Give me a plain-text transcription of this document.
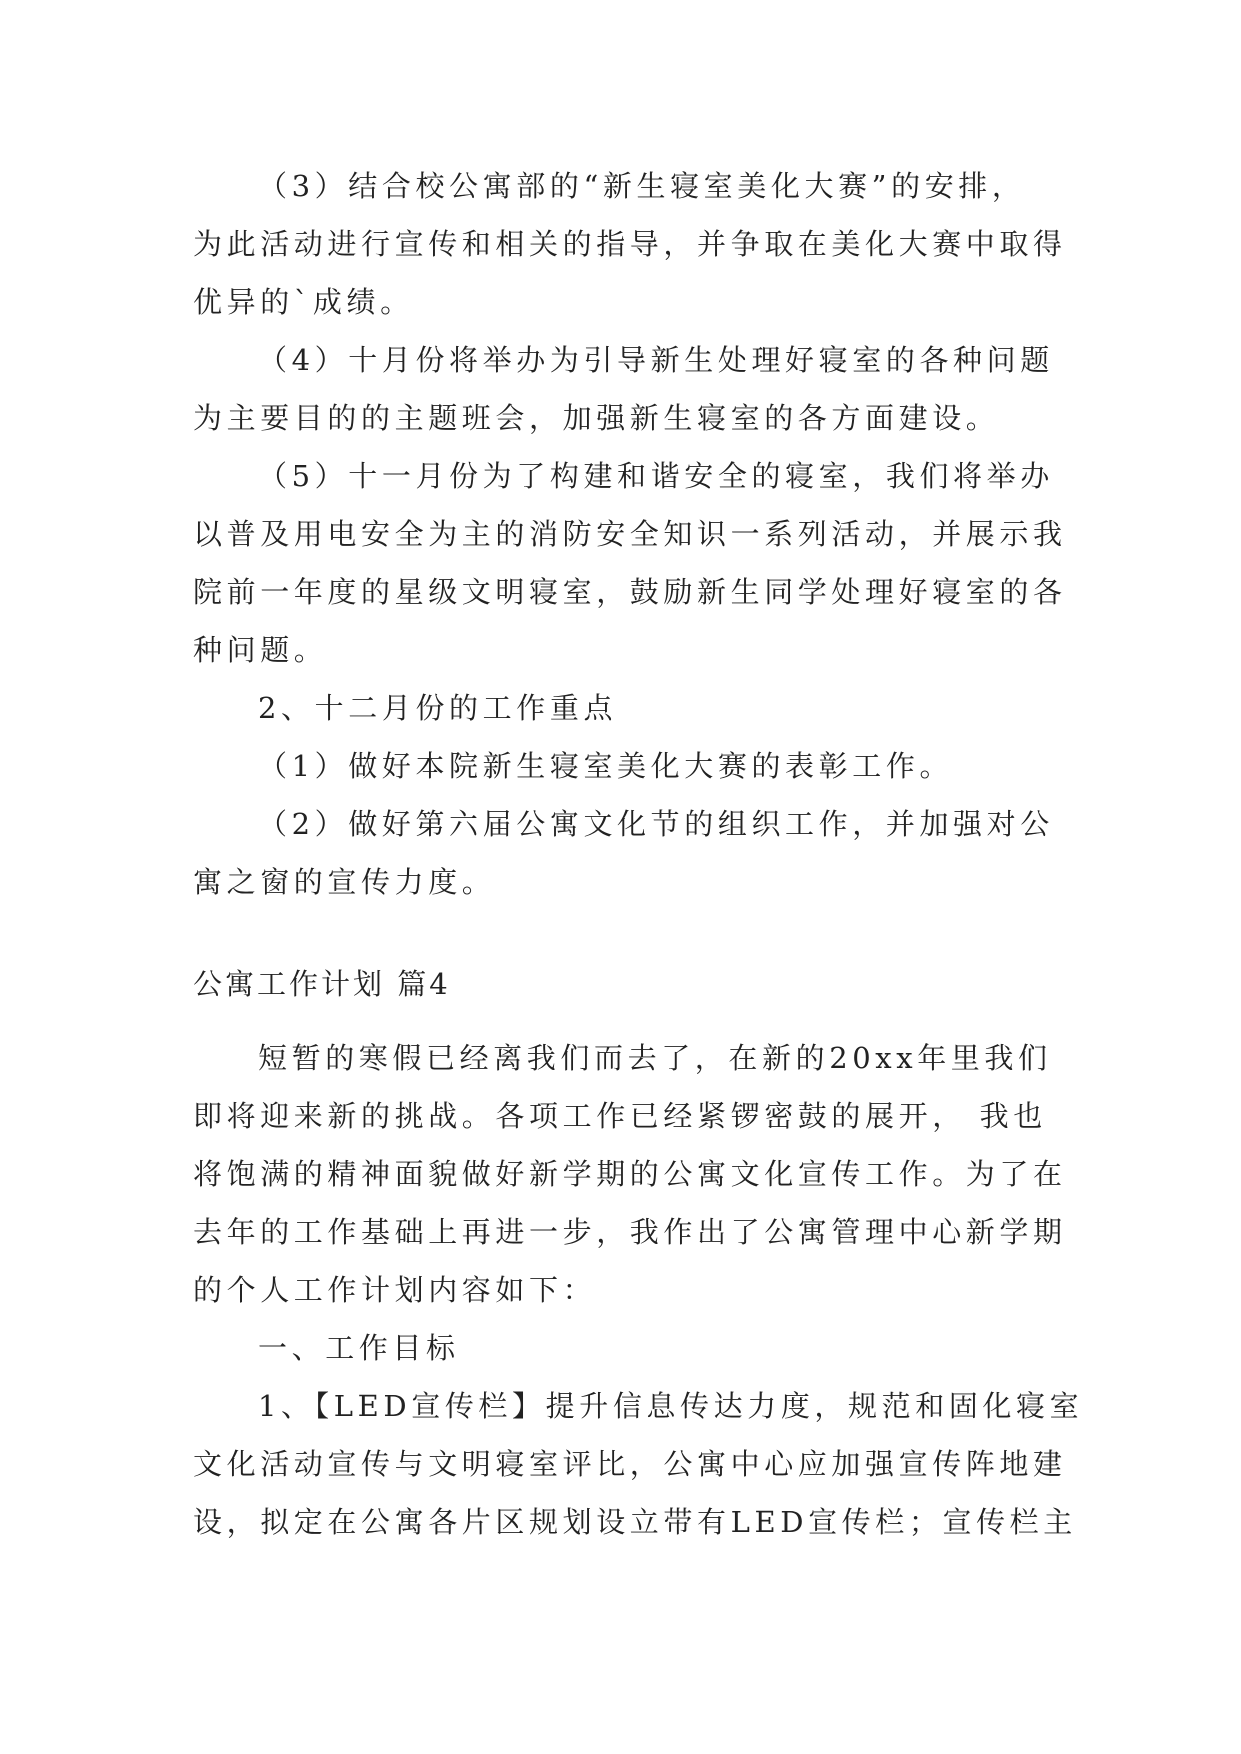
（3）结合校公寓部的“新生寝室美化大赛”的安排，
为此活动进行宣传和相关的指导，并争取在美化大赛中取得
优异的`成绩。
（4）十月份将举办为引导新生处理好寝室的各种问题
为主要目的的主题班会，加强新生寝室的各方面建设。
（5）十一月份为了构建和谐安全的寝室，我们将举办
以普及用电安全为主的消防安全知识一系列活动，并展示我
院前一年度的星级文明寝室，鼓励新生同学处理好寝室的各
种问题。
2、十二月份的工作重点
（1）做好本院新生寝室美化大赛的表彰工作。
（2）做好第六届公寓文化节的组织工作，并加强对公
寓之窗的宣传力度。
公寓工作计划 篇4
短暂的寒假已经离我们而去了，在新的20xx年里我们
即将迎来新的挑战。各项工作已经紧锣密鼓的展开， 我也
将饱满的精神面貌做好新学期的公寓文化宣传工作。为了在
去年的工作基础上再进一步，我作出了公寓管理中心新学期
的个人工作计划内容如下：
一、工作目标
1、【LED宣传栏】提升信息传达力度，规范和固化寝室
文化活动宣传与文明寝室评比，公寓中心应加强宣传阵地建
设，拟定在公寓各片区规划设立带有LED宣传栏；宣传栏主
